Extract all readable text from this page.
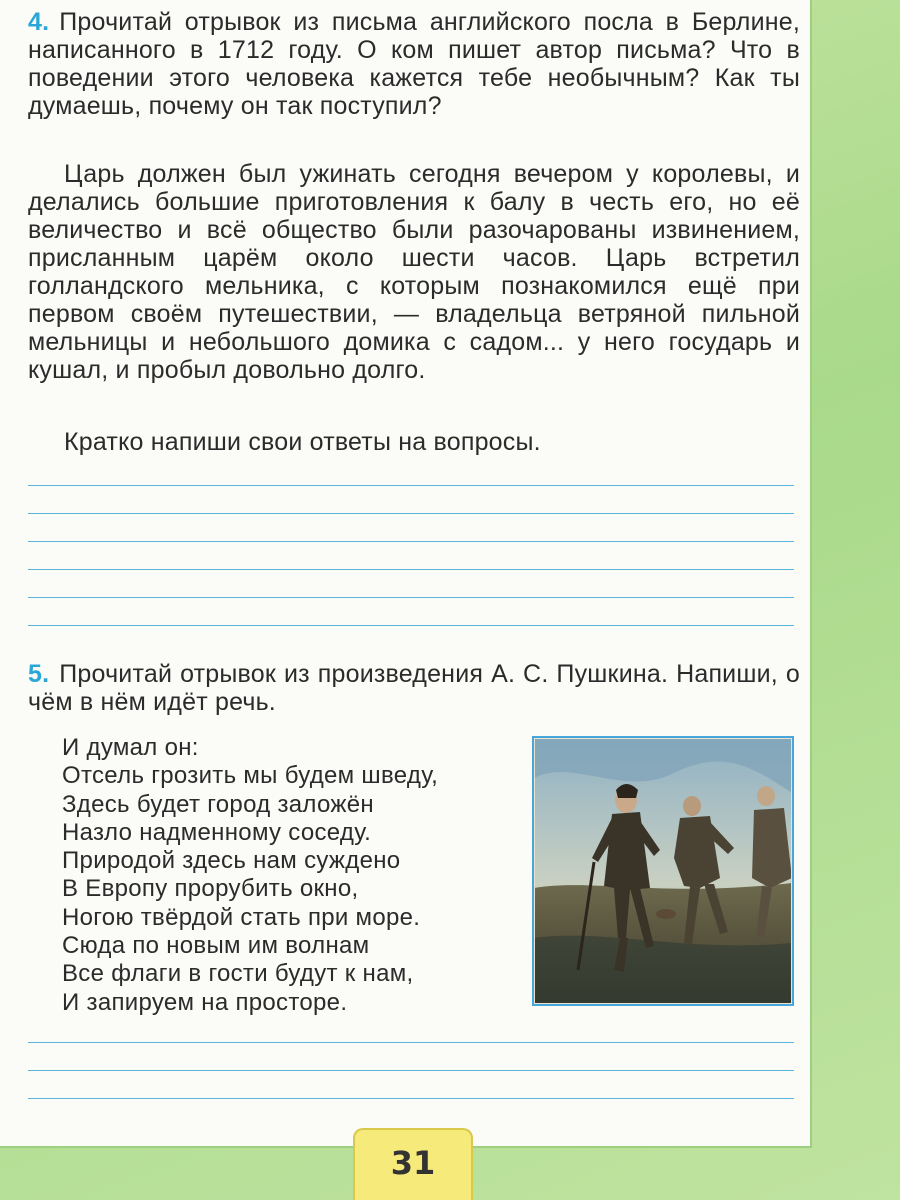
4. Прочитай отрывок из письма английского посла в Берлине, написанного в 1712 году. О ком пишет автор письма? Что в поведении этого человека кажется тебе необычным? Как ты думаешь, почему он так поступил?

Царь должен был ужинать сегодня вечером у королевы, и делались большие приготовления к балу в честь его, но её величество и всё общество были разочарованы извинением, присланным царём около шести часов. Царь встретил голландского мельника, с которым познакомился ещё при первом своём путешествии, — владельца ветряной пильной мельницы и небольшого домика с садом... у него государь и кушал, и пробыл довольно долго.

Кратко напиши свои ответы на вопросы.

5. Прочитай отрывок из произведения А. С. Пушкина. Напиши, о чём в нём идёт речь.
И думал он:
Отсель грозить мы будем шведу,
Здесь будет город заложён
Назло надменному соседу.
Природой здесь нам суждено
В Европу прорубить окно,
Ногою твёрдой стать при море.
Сюда по новым им волнам
Все флаги в гости будут к нам,
И запируем на просторе.
31
